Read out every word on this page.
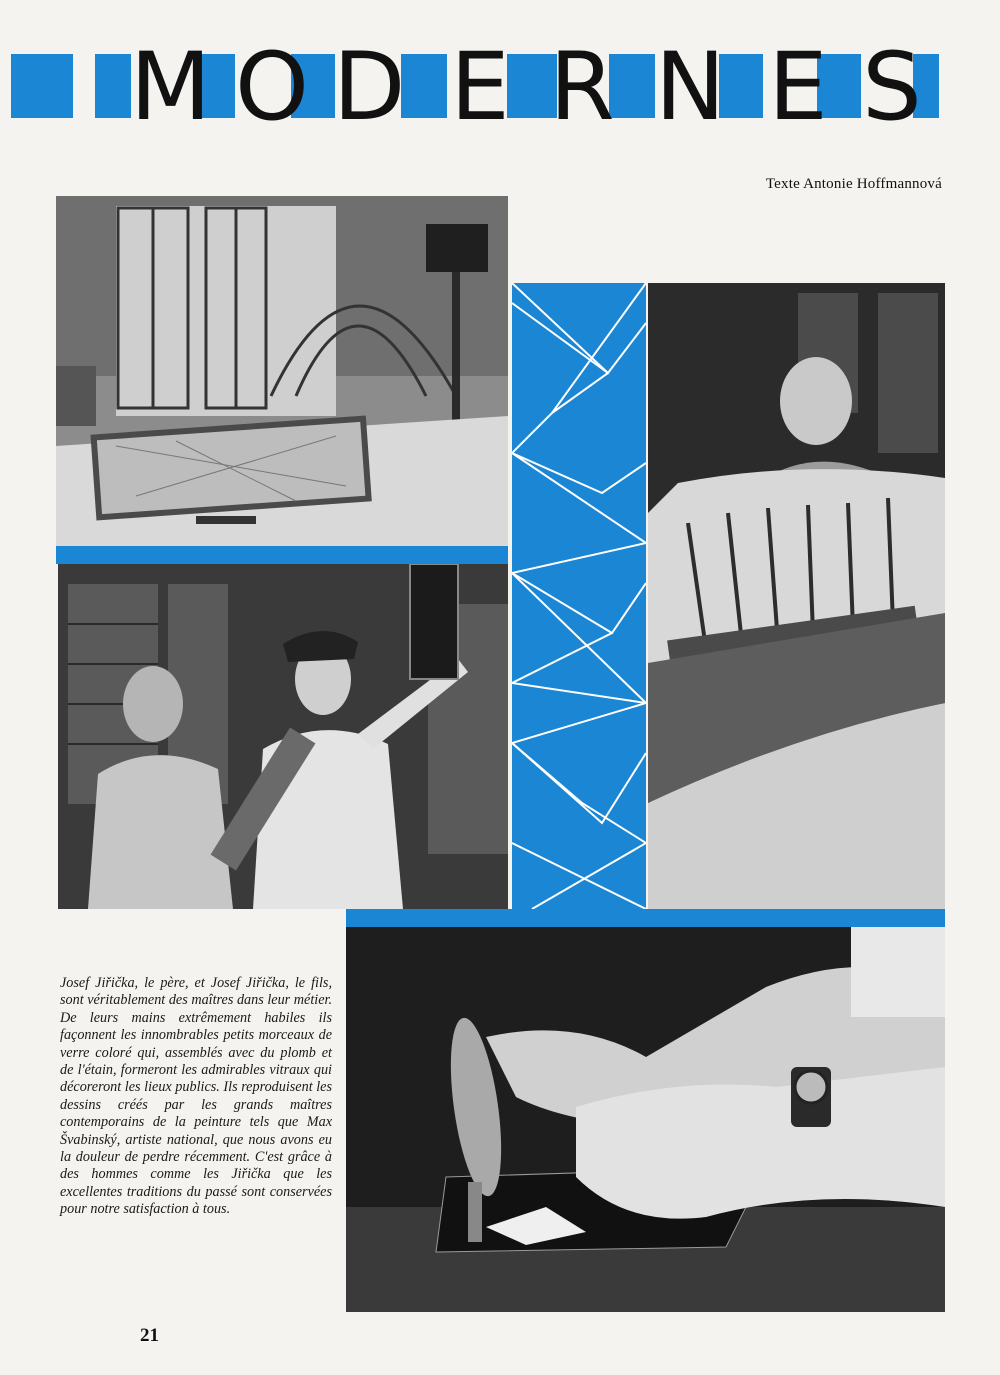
M O D E R N E S
Texte Antonie Hoffmannová

Josef Jiřička, le père, et Josef Jiřička, le fils, sont véritablement des maîtres dans leur métier. De leurs mains extrêmement habiles ils façonnent les innombrables petits morceaux de verre coloré qui, assemblés avec du plomb et de l'étain, formeront les admirables vitraux qui décoreront les lieux publics. Ils reproduisent les dessins créés par les grands maîtres contemporains de la peinture tels que Max Švabinský, artiste national, que nous avons eu la douleur de perdre récemment. C'est grâce à des hommes comme les Jiřička que les excellentes traditions du passé sont conservées pour notre satisfaction à tous.

21
